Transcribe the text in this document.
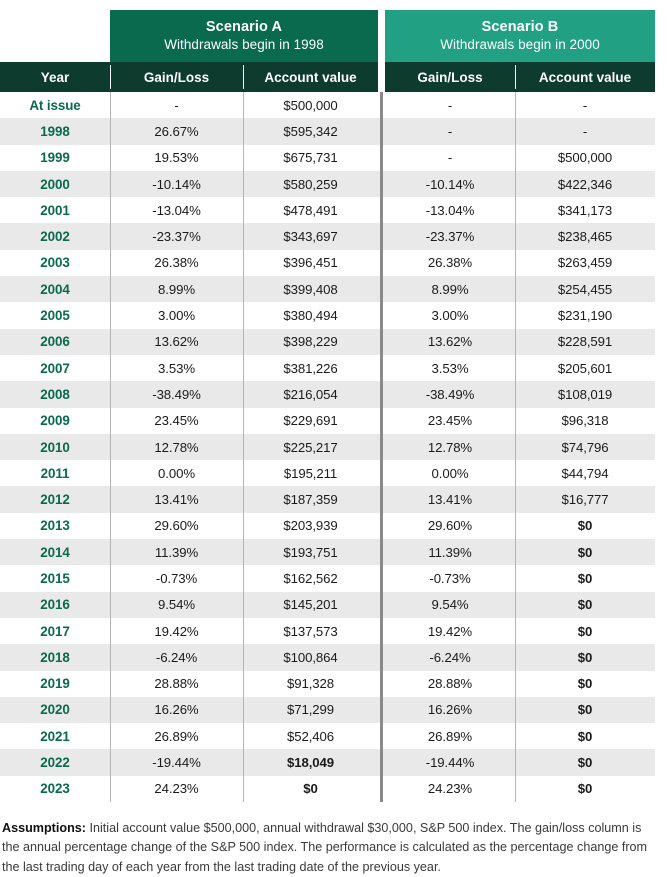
Scenario A
Withdrawals begin in 1998
Scenario B
Withdrawals begin in 2000
Year	Gain/Loss	Account value	Gain/Loss	Account value
At issue	-	$500,000	-	-
1998	26.67%	$595,342	-	-
1999	19.53%	$675,731	-	$500,000
2000	-10.14%	$580,259	-10.14%	$422,346
2001	-13.04%	$478,491	-13.04%	$341,173
2002	-23.37%	$343,697	-23.37%	$238,465
2003	26.38%	$396,451	26.38%	$263,459
2004	8.99%	$399,408	8.99%	$254,455
2005	3.00%	$380,494	3.00%	$231,190
2006	13.62%	$398,229	13.62%	$228,591
2007	3.53%	$381,226	3.53%	$205,601
2008	-38.49%	$216,054	-38.49%	$108,019
2009	23.45%	$229,691	23.45%	$96,318
2010	12.78%	$225,217	12.78%	$74,796
2011	0.00%	$195,211	0.00%	$44,794
2012	13.41%	$187,359	13.41%	$16,777
2013	29.60%	$203,939	29.60%	$0
2014	11.39%	$193,751	11.39%	$0
2015	-0.73%	$162,562	-0.73%	$0
2016	9.54%	$145,201	9.54%	$0
2017	19.42%	$137,573	19.42%	$0
2018	-6.24%	$100,864	-6.24%	$0
2019	28.88%	$91,328	28.88%	$0
2020	16.26%	$71,299	16.26%	$0
2021	26.89%	$52,406	26.89%	$0
2022	-19.44%	$18,049	-19.44%	$0
2023	24.23%	$0	24.23%	$0

Assumptions: Initial account value $500,000, annual withdrawal $30,000, S&P 500 index. The gain/loss column is the annual percentage change of the S&P 500 index. The performance is calculated as the percentage change from the last trading day of each year from the last trading date of the previous year.
